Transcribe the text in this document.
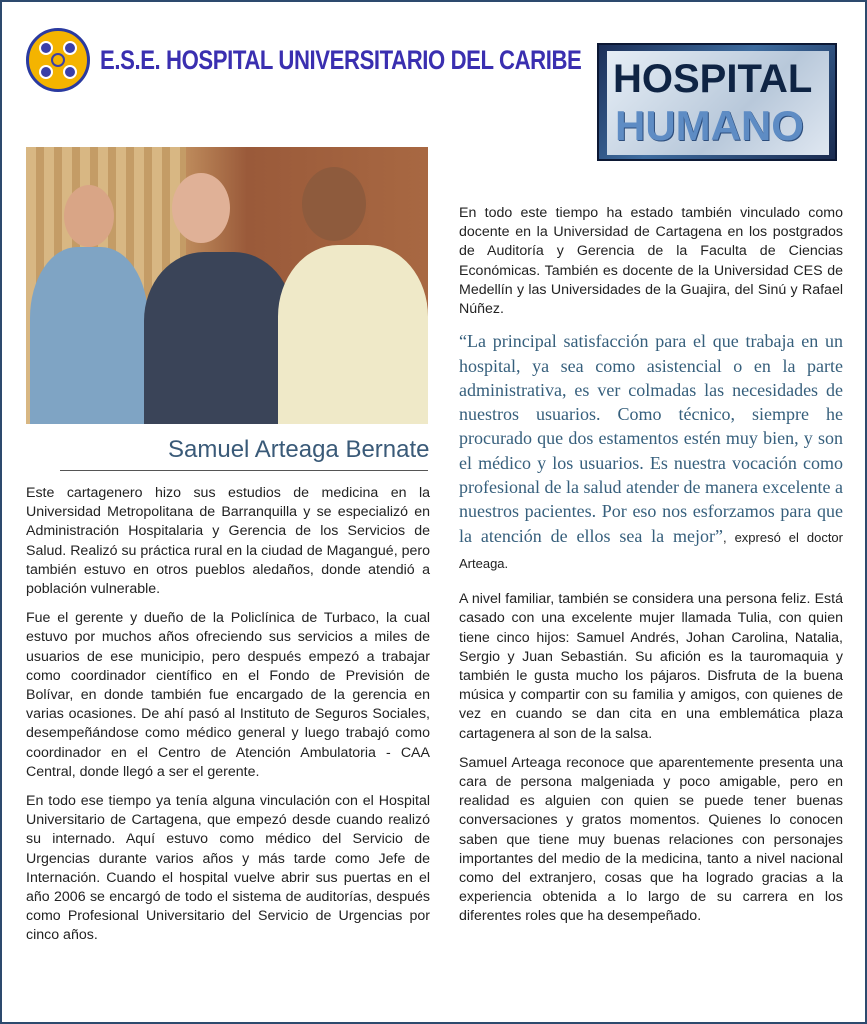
E.S.E. HOSPITAL UNIVERSITARIO DEL CARIBE HOSPITAL
HUMANO
Samuel Arteaga Bernate

Este cartagenero hizo sus estudios de medicina en la Universidad Metropolitana de Barranquilla y se especializó en Administración Hospitalaria y Gerencia de los Servicios de Salud. Realizó su práctica rural en la ciudad de Magangué, pero también estuvo en otros pueblos aledaños, donde atendió a población vulnerable.

Fue el gerente y dueño de la Policlínica de Turbaco, la cual estuvo por muchos años ofreciendo sus servicios a miles de usuarios de ese municipio, pero después empezó a trabajar como coordinador científico en el Fondo de Previsión de Bolívar, en donde también fue encargado de la gerencia en varias ocasiones. De ahí pasó al Instituto de Seguros Sociales, desempeñándose como médico general y luego trabajó como coordinador en el Centro de Atención Ambulatoria - CAA Central, donde llegó a ser el gerente.

En todo ese tiempo ya tenía alguna vinculación con el Hospital Universitario de Cartagena, que empezó desde cuando realizó su internado. Aquí estuvo como médico del Servicio de Urgencias durante varios años y más tarde como Jefe de Internación. Cuando el hospital vuelve abrir sus puertas en el año 2006 se encargó de todo el sistema de auditorías, después como Profesional Universitario del Servicio de Urgencias por cinco años.

En todo este tiempo ha estado también vinculado como docente en la Universidad de Cartagena en los postgrados de Auditoría y Gerencia de la Faculta de Ciencias Económicas. También es docente de la Universidad CES de Medellín y las Universidades de la Guajira, del Sinú y Rafael Núñez.

“La principal satisfacción para el que trabaja en un hospital, ya sea como asistencial o en la parte administrativa, es ver colmadas las necesidades de nuestros usuarios. Como técnico, siempre he procurado que dos estamentos estén muy bien, y son el médico y los usuarios. Es nuestra vocación como profesional de la salud atender de manera excelente a nuestros pacientes. Por eso nos esforzamos para que la atención de ellos sea la mejor”, expresó el doctor Arteaga.

A nivel familiar, también se considera una persona feliz. Está casado con una excelente mujer llamada Tulia, con quien tiene cinco hijos: Samuel Andrés, Johan Carolina, Natalia, Sergio y Juan Sebastián. Su afición es la tauromaquia y también le gusta mucho los pájaros. Disfruta de la buena música y compartir con su familia y amigos, con quienes de vez en cuando se dan cita en una emblemática plaza cartagenera al son de la salsa.

Samuel Arteaga reconoce que aparentemente presenta una cara de persona malgeniada y poco amigable, pero en realidad es alguien con quien se puede tener buenas conversaciones y gratos momentos. Quienes lo conocen saben que tiene muy buenas relaciones con personajes importantes del medio de la medicina, tanto a nivel nacional como del extranjero, cosas que ha logrado gracias a la experiencia obtenida a lo largo de su carrera en los diferentes roles que ha desempeñado.
